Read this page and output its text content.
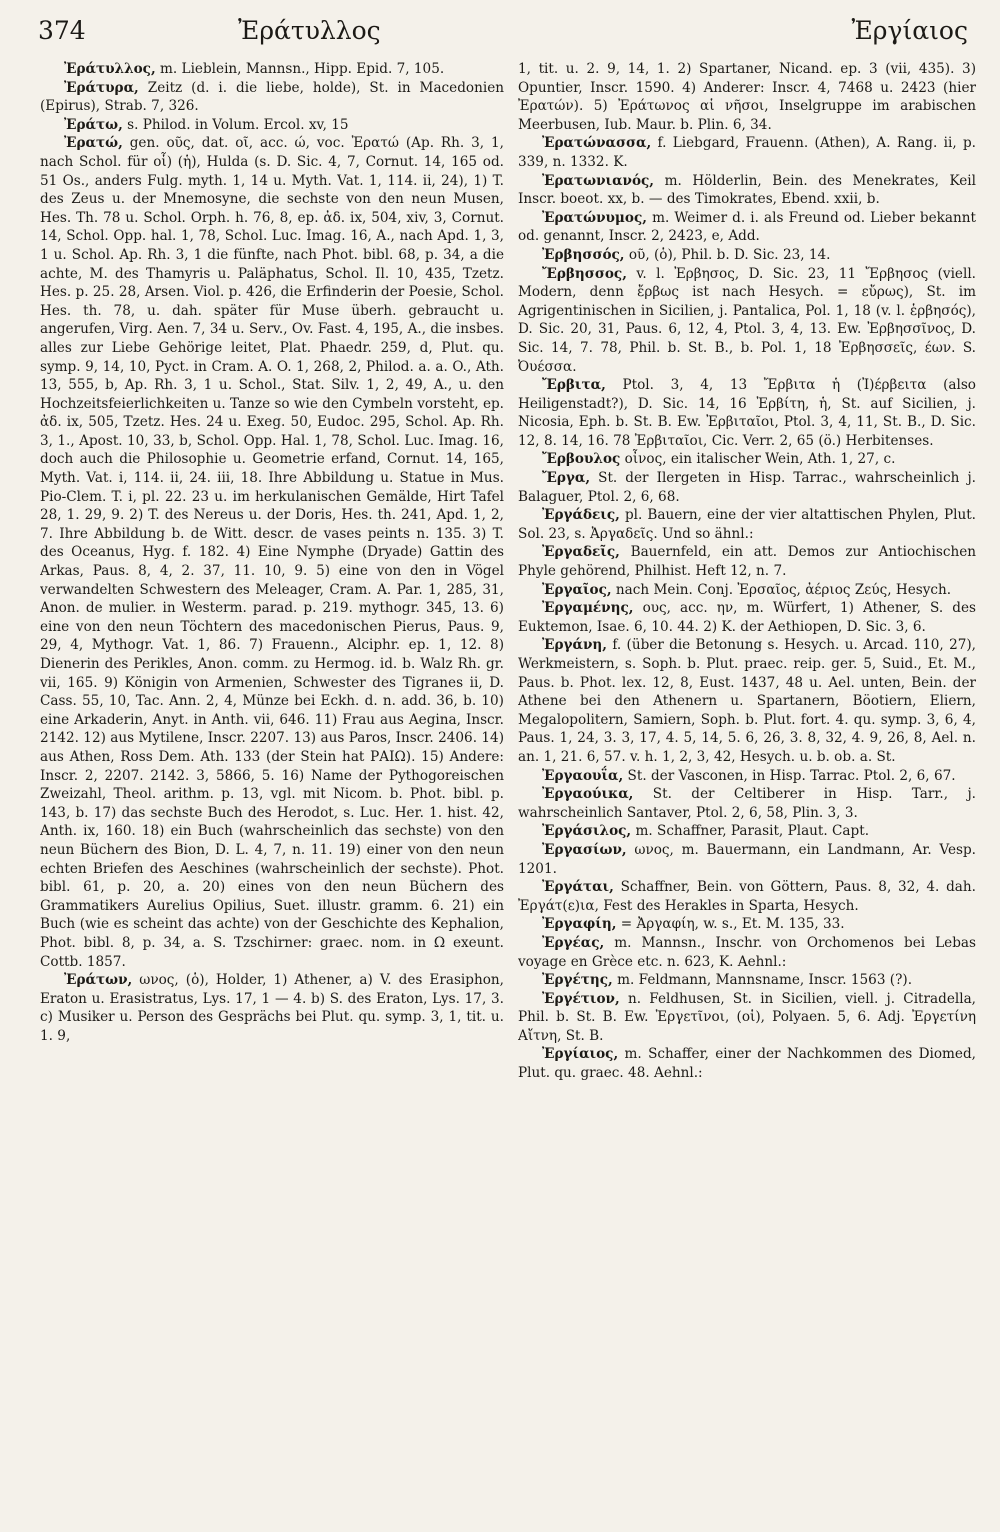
374	Ἐράτυλλος	Ἐργίαιος

Ἐράτυλλος, m. Lieblein, Mannsn., Hipp. Epid. 7, 105.

Ἐράτυρα, Zeitz (d. i. die liebe, holde), St. in Macedonien (Epirus), Strab. 7, 326.

Ἐράτω, s. Philod. in Volum. Ercol. xv, 15

Ἐρατώ, gen. οῦς, dat. οῖ, acc. ώ, voc. Ἐρατώ (Ap. Rh. 3, 1, nach Schol. für οἷ) (ἡ), Hulda (s. D. Sic. 4, 7, Cornut. 14, 165 od. 51 Os., anders Fulg. myth. 1, 14 u. Myth. Vat. 1, 114. ii, 24), 1) T. des Zeus u. der Mnemosyne, die sechste von den neun Musen, Hes. Th. 78 u. Schol. Orph. h. 76, 8, ep. ἀδ. ix, 504, xiv, 3, Cornut. 14, Schol. Opp. hal. 1, 78, Schol. Luc. Imag. 16, A., nach Apd. 1, 3, 1 u. Schol. Ap. Rh. 3, 1 die fünfte, nach Phot. bibl. 68, p. 34, a die achte, M. des Thamyris u. Paläphatus, Schol. Il. 10, 435, Tzetz. Hes. p. 25. 28, Arsen. Viol. p. 426, die Erfinderin der Poesie, Schol. Hes. th. 78, u. dah. später für Muse überh. gebraucht u. angerufen, Virg. Aen. 7, 34 u. Serv., Ov. Fast. 4, 195, A., die insbes. alles zur Liebe Gehörige leitet, Plat. Phaedr. 259, d, Plut. qu. symp. 9, 14, 10, Pyct. in Cram. A. O. 1, 268, 2, Philod. a. a. O., Ath. 13, 555, b, Ap. Rh. 3, 1 u. Schol., Stat. Silv. 1, 2, 49, A., u. den Hochzeitsfeierlichkeiten u. Tanze so wie den Cymbeln vorsteht, ep. ἀδ. ix, 505, Tzetz. Hes. 24 u. Exeg. 50, Eudoc. 295, Schol. Ap. Rh. 3, 1., Apost. 10, 33, b, Schol. Opp. Hal. 1, 78, Schol. Luc. Imag. 16, doch auch die Philosophie u. Geometrie erfand, Cornut. 14, 165, Myth. Vat. i, 114. ii, 24. iii, 18. Ihre Abbildung u. Statue in Mus. Pio-Clem. T. i, pl. 22. 23 u. im herkulanischen Gemälde, Hirt Tafel 28, 1. 29, 9. 2) T. des Nereus u. der Doris, Hes. th. 241, Apd. 1, 2, 7. Ihre Abbildung b. de Witt. descr. de vases peints n. 135. 3) T. des Oceanus, Hyg. f. 182. 4) Eine Nymphe (Dryade) Gattin des Arkas, Paus. 8, 4, 2. 37, 11. 10, 9. 5) eine von den in Vögel verwandelten Schwestern des Meleager, Cram. A. Par. 1, 285, 31, Anon. de mulier. in Westerm. parad. p. 219. mythogr. 345, 13. 6) eine von den neun Töchtern des macedonischen Pierus, Paus. 9, 29, 4, Mythogr. Vat. 1, 86. 7) Frauenn., Alciphr. ep. 1, 12. 8) Dienerin des Perikles, Anon. comm. zu Hermog. id. b. Walz Rh. gr. vii, 165. 9) Königin von Armenien, Schwester des Tigranes ii, D. Cass. 55, 10, Tac. Ann. 2, 4, Münze bei Eckh. d. n. add. 36, b. 10) eine Arkaderin, Anyt. in Anth. vii, 646. 11) Frau aus Aegina, Inscr. 2142. 12) aus Mytilene, Inscr. 2207. 13) aus Paros, Inscr. 2406. 14) aus Athen, Ross Dem. Ath. 133 (der Stein hat ΡΑΙΩ). 15) Andere: Inscr. 2, 2207. 2142. 3, 5866, 5. 16) Name der Pythogoreischen Zweizahl, Theol. arithm. p. 13, vgl. mit Nicom. b. Phot. bibl. p. 143, b. 17) das sechste Buch des Herodot, s. Luc. Her. 1. hist. 42, Anth. ix, 160. 18) ein Buch (wahrscheinlich das sechste) von den neun Büchern des Bion, D. L. 4, 7, n. 11. 19) einer von den neun echten Briefen des Aeschines (wahrscheinlich der sechste). Phot. bibl. 61, p. 20, a. 20) eines von den neun Büchern des Grammatikers Aurelius Opilius, Suet. illustr. gramm. 6. 21) ein Buch (wie es scheint das achte) von der Geschichte des Kephalion, Phot. bibl. 8, p. 34, a. S. Tzschirner: graec. nom. in Ω exeunt. Cottb. 1857.

Ἐράτων, ωνος, (ὁ), Holder, 1) Athener, a) V. des Erasiphon, Eraton u. Erasistratus, Lys. 17, 1 — 4. b) S. des Eraton, Lys. 17, 3. c) Musiker u. Person des Gesprächs bei Plut. qu. symp. 3, 1, tit. u. 1. 9,

1, tit. u. 2. 9, 14, 1. 2) Spartaner, Nicand. ep. 3 (vii, 435). 3) Opuntier, Inscr. 1590. 4) Anderer: Inscr. 4, 7468 u. 2423 (hier Ἐρατών). 5) Ἐράτωνος αἱ νῆσοι, Inselgruppe im arabischen Meerbusen, Iub. Maur. b. Plin. 6, 34.

Ἐρατώνασσα, f. Liebgard, Frauenn. (Athen), A. Rang. ii, p. 339, n. 1332. K.

Ἐρατωνιανός, m. Hölderlin, Bein. des Menekrates, Keil Inscr. boeot. xx, b. — des Timokrates, Ebend. xxii, b.

Ἐρατώνυμος, m. Weimer d. i. als Freund od. Lieber bekannt od. genannt, Inscr. 2, 2423, e, Add.

Ἐρβησσός, οῦ, (ὁ), Phil. b. D. Sic. 23, 14.

Ἔρβησσος, v. l. Ἐρβησος, D. Sic. 23, 11 Ἔρβησος (viell. Modern, denn ἔρβως ist nach Hesych. = εὔρως), St. im Agrigentinischen in Sicilien, j. Pantalica, Pol. 1, 18 (v. l. ἑρβησός), D. Sic. 20, 31, Paus. 6, 12, 4, Ptol. 3, 4, 13. Ew. Ἐρβησσῖνος, D. Sic. 14, 7. 78, Phil. b. St. B., b. Pol. 1, 18 Ἐρβησσεῖς, έων. S. Ὀυέσσα.

Ἔρβιτα, Ptol. 3, 4, 13 Ἔρβιτα ἡ (Ἰ)έρβειτα (also Heiligenstadt?), D. Sic. 14, 16 Ἐρβίτη, ἡ, St. auf Sicilien, j. Nicosia, Eph. b. St. B. Ew. Ἐρβιταῖοι, Ptol. 3, 4, 11, St. B., D. Sic. 12, 8. 14, 16. 78 Ἐρβιταῖοι, Cic. Verr. 2, 65 (ö.) Herbitenses.

Ἔρβουλος οἶνος, ein italischer Wein, Ath. 1, 27, c.

Ἔργα, St. der Ilergeten in Hisp. Tarrac., wahrscheinlich j. Balaguer, Ptol. 2, 6, 68.

Ἐργάδεις, pl. Bauern, eine der vier altattischen Phylen, Plut. Sol. 23, s. Ἀργαδεῖς. Und so ähnl.:

Ἐργαδεῖς, Bauernfeld, ein att. Demos zur Antiochischen Phyle gehörend, Philhist. Heft 12, n. 7.

Ἐργαῖος, nach Mein. Conj. Ἐρσαῖος, ἀέριος Ζεύς, Hesych.

Ἐργαμένης, ους, acc. ην, m. Würfert, 1) Athener, S. des Euktemon, Isae. 6, 10. 44. 2) K. der Aethiopen, D. Sic. 3, 6.

Ἐργάνη, f. (über die Betonung s. Hesych. u. Arcad. 110, 27), Werkmeistern, s. Soph. b. Plut. praec. reip. ger. 5, Suid., Et. M., Paus. b. Phot. lex. 12, 8, Eust. 1437, 48 u. Ael. unten, Bein. der Athene bei den Athenern u. Spartanern, Böotiern, Eliern, Megalopolitern, Samiern, Soph. b. Plut. fort. 4. qu. symp. 3, 6, 4, Paus. 1, 24, 3. 3, 17, 4. 5, 14, 5. 6, 26, 3. 8, 32, 4. 9, 26, 8, Ael. n. an. 1, 21. 6, 57. v. h. 1, 2, 3, 42, Hesych. u. b. ob. a. St.

Ἐργαουΐα, St. der Vasconen, in Hisp. Tarrac. Ptol. 2, 6, 67.

Ἐργαούικα, St. der Celtiberer in Hisp. Tarr., j. wahrscheinlich Santaver, Ptol. 2, 6, 58, Plin. 3, 3.

Ἐργάσιλος, m. Schaffner, Parasit, Plaut. Capt.

Ἐργασίων, ωνος, m. Bauermann, ein Landmann, Ar. Vesp. 1201.

Ἐργάται, Schaffner, Bein. von Göttern, Paus. 8, 32, 4. dah. Ἐργάτ(ε)ια, Fest des Herakles in Sparta, Hesych.

Ἐργαφίη, = Ἀργαφίη, w. s., Et. M. 135, 33.

Ἐργέας, m. Mannsn., Inschr. von Orchomenos bei Lebas voyage en Grèce etc. n. 623, K. Aehnl.:

Ἐργέτης, m. Feldmann, Mannsname, Inscr. 1563 (?).

Ἐργέτιον, n. Feldhusen, St. in Sicilien, viell. j. Citradella, Phil. b. St. B. Ew. Ἐργετῖνοι, (οἱ), Polyaen. 5, 6. Adj. Ἐργετίνη Αἴτνη, St. B.

Ἐργίαιος, m. Schaffer, einer der Nachkommen des Diomed, Plut. qu. graec. 48. Aehnl.:
